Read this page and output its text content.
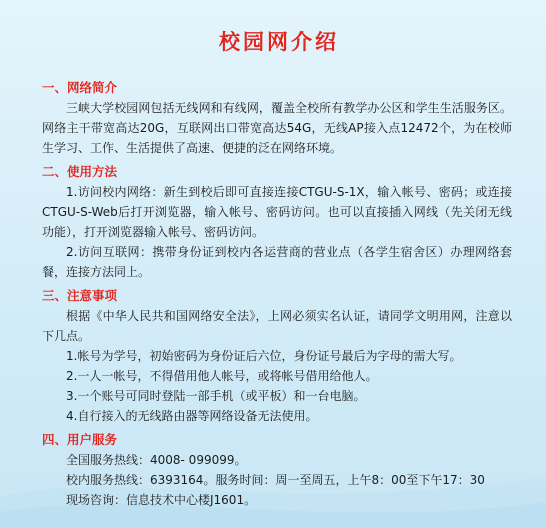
校园网介绍
一、网络简介

三峡大学校园网包括无线网和有线网，覆盖全校所有教学办公区和学生生活服务区。网络主干带宽高达20G，互联网出口带宽高达54G，无线AP接入点12472个，为在校师生学习、工作、生活提供了高速、便捷的泛在网络环境。

二、使用方法

1.访问校内网络：新生到校后即可直接连接CTGU-S-1X，输入帐号、密码；或连接CTGU-S-Web后打开浏览器，输入帐号、密码访问。也可以直接插入网线（先关闭无线功能），打开浏览器输入帐号、密码访问。

2.访问互联网：携带身份证到校内各运营商的营业点（各学生宿舍区）办理网络套餐，连接方法同上。

三、注意事项

根据《中华人民共和国网络安全法》，上网必须实名认证，请同学文明用网，注意以下几点。

1.帐号为学号，初始密码为身份证后六位，身份证号最后为字母的需大写。

2.一人一帐号，不得借用他人帐号，或将帐号借用给他人。

3.一个账号可同时登陆一部手机（或平板）和一台电脑。

4.自行接入的无线路由器等网络设备无法使用。

四、用户服务

全国服务热线：4008- 099099。

校内服务热线：6393164。服务时间：周一至周五，上午8：00至下午17：30

现场咨询：信息技术中心楼J1601。
